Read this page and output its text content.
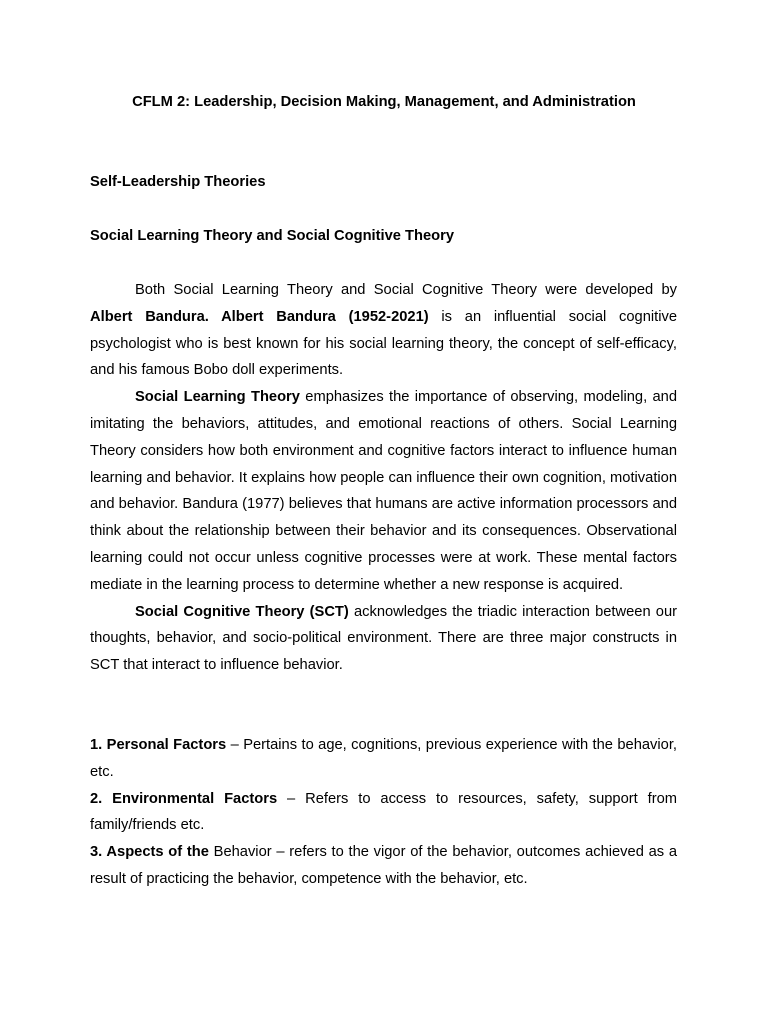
CFLM 2: Leadership, Decision Making, Management, and Administration
Self-Leadership Theories
Social Learning Theory and Social Cognitive Theory

Both Social Learning Theory and Social Cognitive Theory were developed by Albert Bandura. Albert Bandura (1952-2021) is an influential social cognitive psychologist who is best known for his social learning theory, the concept of self-efficacy, and his famous Bobo doll experiments.

Social Learning Theory emphasizes the importance of observing, modeling, and imitating the behaviors, attitudes, and emotional reactions of others. Social Learning Theory considers how both environment and cognitive factors interact to influence human learning and behavior. It explains how people can influence their own cognition, motivation and behavior. Bandura (1977) believes that humans are active information processors and think about the relationship between their behavior and its consequences. Observational learning could not occur unless cognitive processes were at work. These mental factors mediate in the learning process to determine whether a new response is acquired.

Social Cognitive Theory (SCT) acknowledges the triadic interaction between our thoughts, behavior, and socio-political environment. There are three major constructs in SCT that interact to influence behavior.

1. Personal Factors – Pertains to age, cognitions, previous experience with the behavior, etc.

2. Environmental Factors – Refers to access to resources, safety, support from family/friends etc.

3. Aspects of the Behavior – refers to the vigor of the behavior, outcomes achieved as a result of practicing the behavior, competence with the behavior, etc.
